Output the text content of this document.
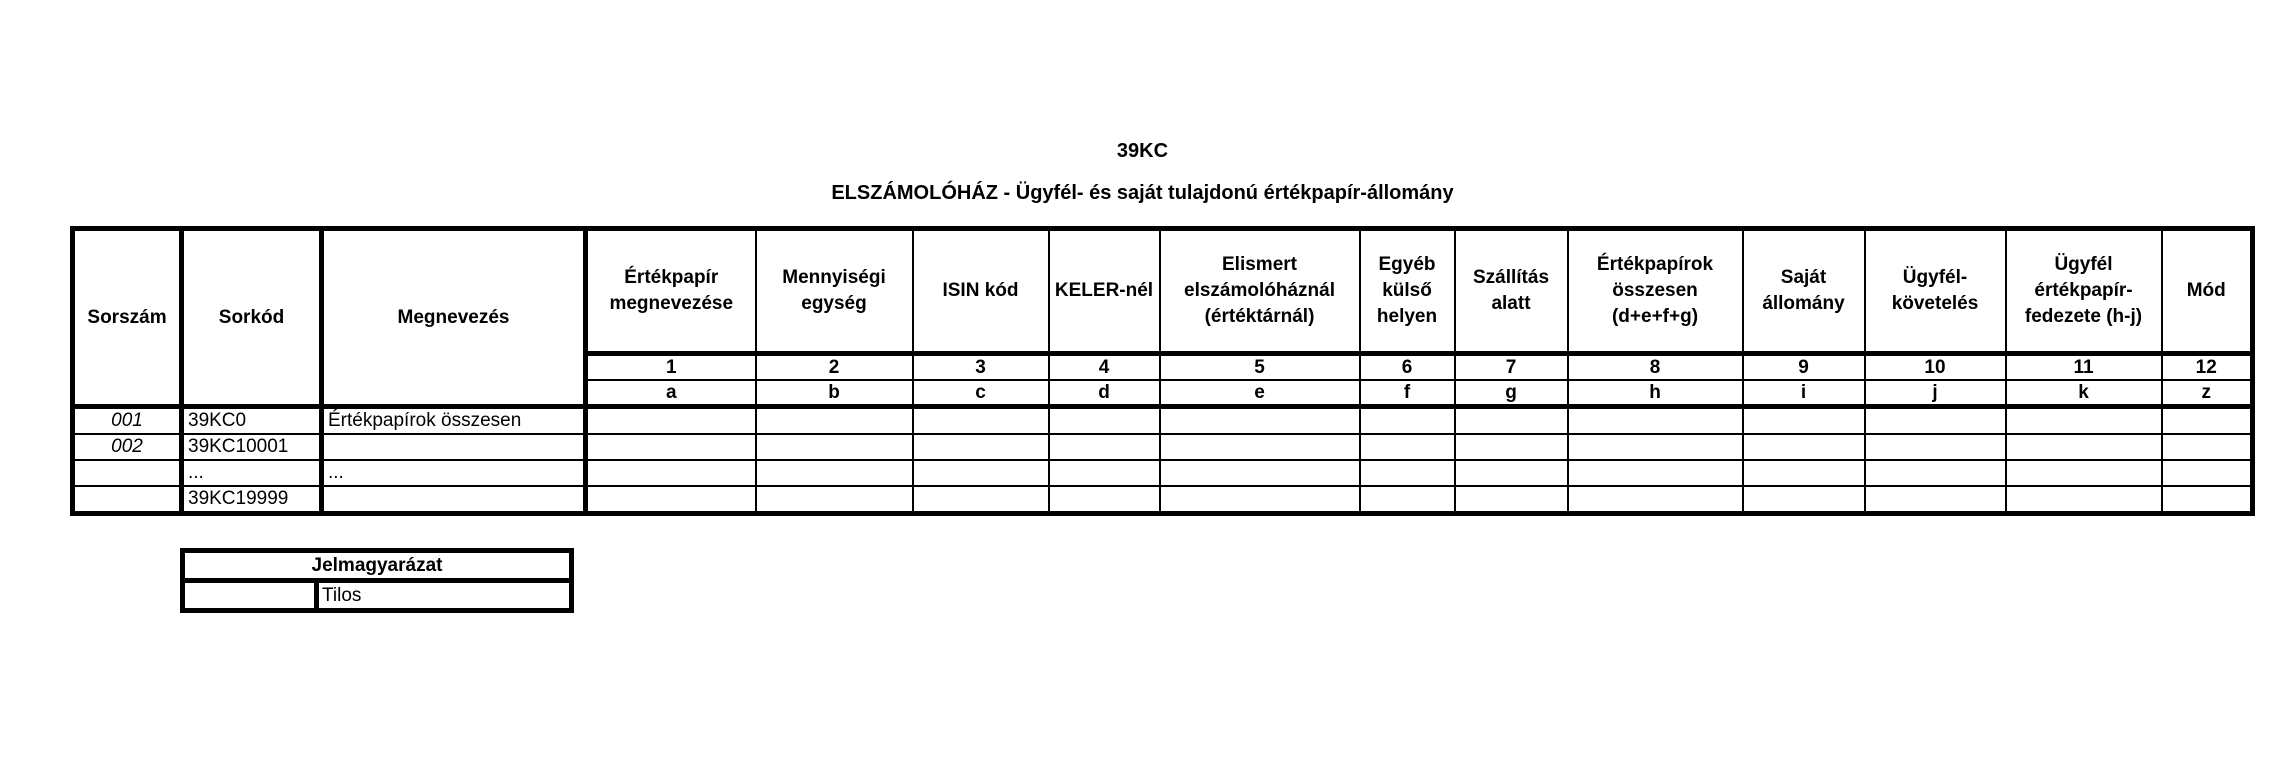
39KC
ELSZÁMOLÓHÁZ - Ügyfél- és saját tulajdonú értékpapír-állomány
Sorszám	Sorkód	Megnevezés	Értékpapír megnevezése	Mennyiségi egység	ISIN kód	KELER-nél	Elismert elszámolóháznál (értéktárnál)	Egyéb külső helyen	Szállítás alatt	Értékpapírok összesen (d+e+f+g)	Saját állomány	Ügyfél-követelés	Ügyfél értékpapír-fedezete (h-j)	Mód
			1	2	3	4	5	6	7	8	9	10	11	12
			a	b	c	d	e	f	g	h	i	j	k	z
001	39KC0	Értékpapírok összesen												
002	39KC10001													
	...	...												
	39KC19999													
Jelmagyarázat
	Tilos
